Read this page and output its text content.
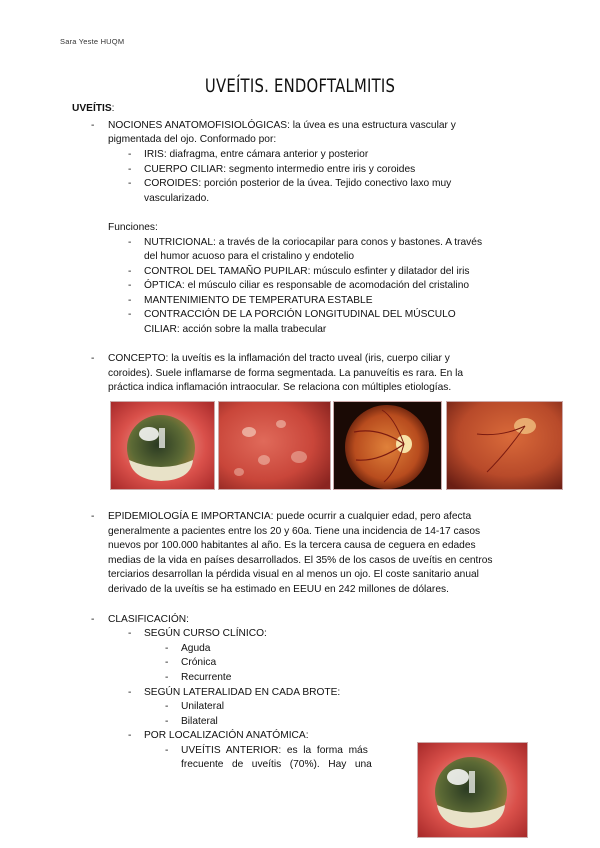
Sara Yeste HUQM
UVEÍTIS. ENDOFTALMITIS
UVEÍTIS:
- NOCIONES ANATOMOFISIOLÓGICAS: la úvea es una estructura vascular y
pigmentada del ojo. Conformado por:
- IRIS: diafragma, entre cámara anterior y posterior
- CUERPO CILIAR: segmento intermedio entre iris y coroides
- COROIDES: porción posterior de la úvea. Tejido conectivo laxo muy
vascularizado.
Funciones:
- NUTRICIONAL: a través de la coriocapilar para conos y bastones. A través
del humor acuoso para el cristalino y endotelio
- CONTROL DEL TAMAÑO PUPILAR: músculo esfinter y dilatador del iris
- ÓPTICA: el músculo ciliar es responsable de acomodación del cristalino
- MANTENIMIENTO DE TEMPERATURA ESTABLE
- CONTRACCIÓN DE LA PORCIÓN LONGITUDINAL DEL MÚSCULO
CILIAR: acción sobre la malla trabecular
- CONCEPTO: la uveítis es la inflamación del tracto uveal (iris, cuerpo ciliar y
coroides). Suele inflamarse de forma segmentada. La panuveítis es rara. En la
práctica indica inflamación intraocular. Se relaciona con múltiples etiologías.
- EPIDEMIOLOGÍA E IMPORTANCIA: puede ocurrir a cualquier edad, pero afecta
generalmente a pacientes entre los 20 y 60a. Tiene una incidencia de 14-17 casos
nuevos por 100.000 habitantes al año. Es la tercera causa de ceguera en edades
medias de la vida en países desarrollados. El 35% de los casos de uveítis en centros
terciarios desarrollan la pérdida visual en al menos un ojo. El coste sanitario anual
derivado de la uveítis se ha estimado en EEUU en 242 millones de dólares.
- CLASIFICACIÓN:
- SEGÚN CURSO CLÍNICO:
- Aguda
- Crónica
- Recurrente
- SEGÚN LATERALIDAD EN CADA BROTE:
- Unilateral
- Bilateral
- POR LOCALIZACIÓN ANATÓMICA:
- UVEÍTIS  ANTERIOR:  es  la  forma  más
frecuente   de   uveítis   (70%).   Hay   una
